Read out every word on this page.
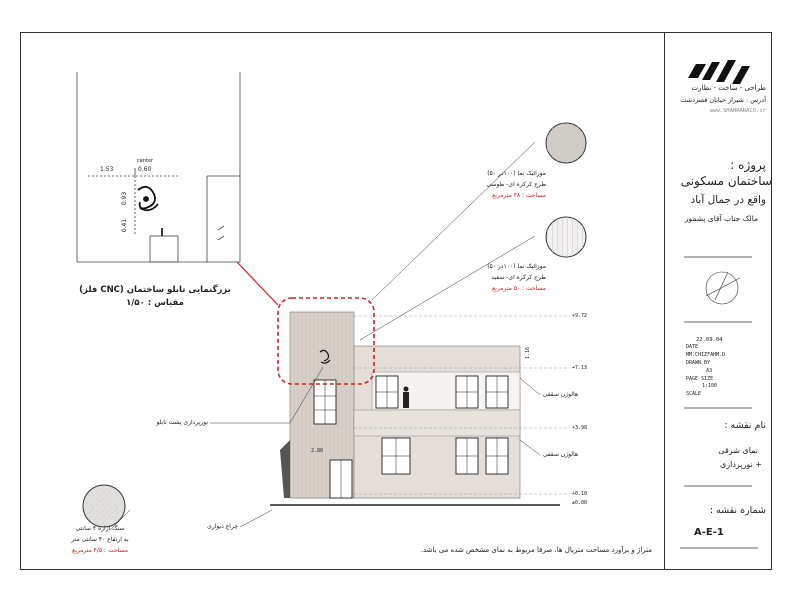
1.53
center
0.60
0.93
0.41
بزرگنمایی تابلو ساختمان (CNC فلز)
مقیاس : ۱/۵۰
موزائیک نما (۱۰۰در ۵۰)
طرح کرکره ای- طوسی
مساحت : ۴۸ مترمربع
موزائیک نما (۱۰۰در ۵۰)
طرح کرکره ای- سفید
مساحت : ۵۰ مترمربع
سنگ ازاره ۴ سانتی
به ارتفاع ۴۰ سانتی متر
مساحت : ۴/۵ مترمربع
+9.72
+7.13
+3.98
+0.10
±0.00
1.16
2.80
هالوژن سقفی
هالوژن سقفی
نورپردازی پشت تابلو
چراغ دیواری
متراژ و برآورد مساحت متریال ها، صرفا مربوط به نمای مشخص شده می باشد.
طراحی - ساخت - نظارت
آدرس : شیراز خیابان قصردشت
www.SHAHRARACO.ir
پروژه :
ساختمان مسکونی
واقع در جمال آباد
مالک جناب آقای پشمور
22.09.04
DATE
MM.CHIZFAHM.D
DRAWN BY
A3
PAGE SIZE
1:100
SCALE
نام نقشه :
نمای شرقی
+ نورپردازی
شماره نقشه :
A-E-1
